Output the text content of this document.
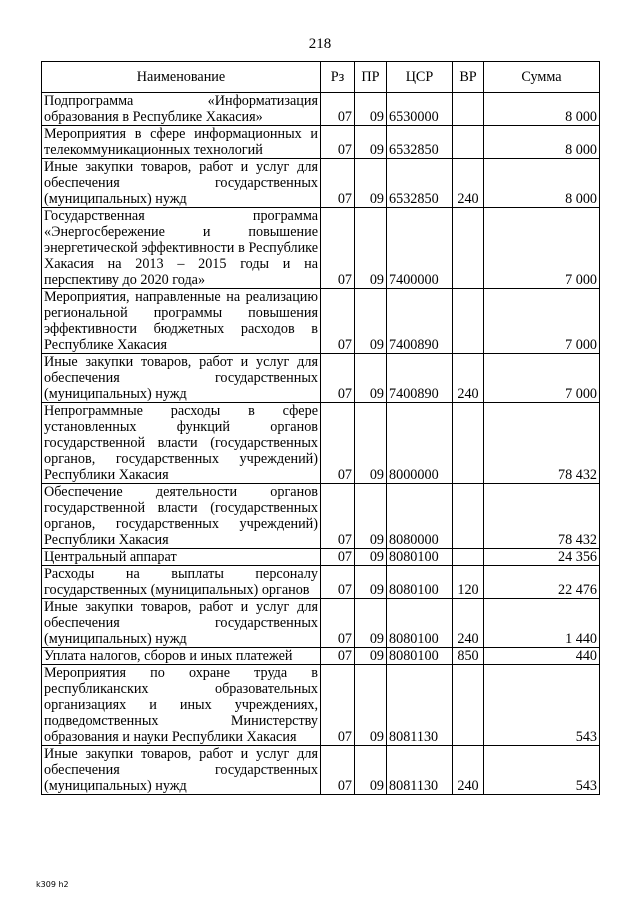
218
Наименование	Рз	ПР	ЦСР	ВР	Сумма
Подпрограмма «Информатизация образования в Республике Хакасия»	07	09	6530000		8 000
Мероприятия в сфере информационных и телекоммуникационных технологий	07	09	6532850		8 000
Иные закупки товаров, работ и услуг для обеспечения государственных (муниципальных) нужд	07	09	6532850	240	8 000
Государственная программа «Энергосбережение и повышение энергетической эффективности в Республике Хакасия на 2013 – 2015 годы и на перспективу до 2020 года»	07	09	7400000		7 000
Мероприятия, направленные на реализацию региональной программы повышения эффективности бюджетных расходов в Республике Хакасия	07	09	7400890		7 000
Иные закупки товаров, работ и услуг для обеспечения государственных (муниципальных) нужд	07	09	7400890	240	7 000
Непрограммные расходы в сфере установленных функций органов государственной власти (государственных органов, государственных учреждений) Республики Хакасия	07	09	8000000		78 432
Обеспечение деятельности органов государственной власти (государственных органов, государственных учреждений) Республики Хакасия	07	09	8080000		78 432
Центральный аппарат	07	09	8080100		24 356
Расходы на выплаты персоналу государственных (муниципальных) органов	07	09	8080100	120	22 476
Иные закупки товаров, работ и услуг для обеспечения государственных (муниципальных) нужд	07	09	8080100	240	1 440
Уплата налогов, сборов и иных платежей	07	09	8080100	850	440
Мероприятия по охране труда в республиканских образовательных организациях и иных учреждениях, подведомственных Министерству образования и науки Республики Хакасия	07	09	8081130		543
Иные закупки товаров, работ и услуг для обеспечения государственных (муниципальных) нужд	07	09	8081130	240	543
k309 h2
